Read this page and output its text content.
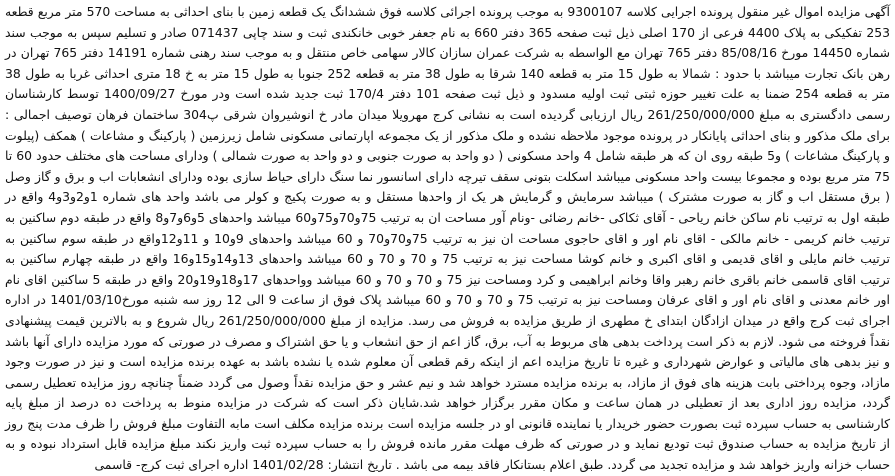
آگهی مزایده اموال غیر منقول پرونده اجرایی کلاسه 9300107 به موجب پرونده اجرائی کلاسه فوق ششدانگ یک قطعه زمین با بنای احداثی به مساحت 570 متر مربع قطعه 253 تفکیکی به پلاک 4400 فرعی از 170 اصلی ذیل ثبت صفحه 365 دفتر 660 به نام جعفر خوبی خانکندی ثبت و سند چاپی 071437 صادر و تسلیم سپس به موجب سند شماره 14450 مورخ 85/08/16 دفتر 765 تهران مع الواسطه به شرکت عمران سازان کالار سهامی خاص منتقل و به موجب سند رهنی شماره 14191 دفتر 765 تهران در رهن بانک تجارت میباشد با حدود : شمالا به طول 15 متر به قطعه 140 شرقا به طول 38 متر به قطعه 252 جنوبا به طول 15 متر به خ 18 متری احداثی غربا به طول 38 متر به قطعه 254 ضمنا به علت تغییر حوزه ثبتی ثبت اولیه مسدود و ذیل ثبت صفحه 101 دفتر 170/4 ثبت جدید شده است ودر مورخ 1400/09/27 توسط کارشناسان رسمی دادگستری به مبلغ 261/250/000/000 ریال ارزیابی گردیده است به نشانی کرج مهرویلا میدان مادر خ انوشیروان شرقی پ304 ساختمان فرهان توصیف اجمالی : برای ملک مذکور و بنای احداثی پایانکار در پرونده موجود ملاحظه نشده و ملک مذکور از یک مجموعه اپارتمانی مسکونی شامل زیرزمین ( پارکینگ و مشاعات ) همکف (پیلوت و پارکینگ مشاعات ) و5 طبقه روی ان که هر طبقه شامل 4 واحد مسکونی ( دو واحد به صورت جنوبی و دو واحد به صورت شمالی ) ودارای مساحت های مختلف حدود 60 تا 75 متر مربع بوده و مجموعا بیست واحد مسکونی میباشد اسکلت بتونی سقف تیرچه دارای اسانسور نما سنگ دارای حیاط سازی بوده ودارای انشعابات اب و برق و گاز وصل ( برق مستقل اب و گاز به صورت مشترک ) میباشد سرمایش و گرمایش هر یک از واحدها مستقل و به صورت پکیج و کولر می باشد واحد های شماره 1و2و3و4 واقع در طبقه اول به ترتیب نام ساکن خانم ریاحی - آقای ثکاکی -خانم رضائی -ونام آور مساحت ان به ترتیب 75و70و75و60 میباشد واحدهای 5و6و7و8 واقع در طبقه دوم ساکنین به ترتیب خانم کریمی - خانم مالکی - اقای نام اور و اقای حاجوی مساحت ان نیز به ترتیب 75و70و70 و 60 میباشد واحدهای 9و10 و 11و12واقع در طبقه سوم ساکنین به ترتیب خانم مایلی و اقای قدیمی و اقای اکبری و خانم کوشا مساحت نیز به ترتیب 75 و 70 و 70 و 60 میباشد واحدهای 13و14و15و16 واقع در طبقه چهارم ساکنین به ترتیب اقای قاسمی خانم باقری خانم رهبر واقا وخانم ابراهیمی و کرد ومساحت نیز 75 و 70 و 70 و 60 میباشد وواحدهای 17و18و19و20 واقع در طبقه 5 ساکنین اقای نام اور خانم معدنی و اقای نام اور و اقای عرفان ومساحت نیز به ترتیب 75 و 70 و 70 و 60 میباشد پلاک فوق از ساعت 9 الی 12 روز سه شنبه مورخ1401/03/10 در اداره اجرای ثبت کرج واقع در میدان ازادگان ابتدای خ مطهری از طریق مزایده به فروش می رسد. مزایده از مبلغ 261/250/000/000 ریال شروع و به بالاترین قیمت پیشنهادی نقداً فروخته می شود. لازم به ذکر است پرداخت بدهی های مربوط به آب، برق، گاز اعم از حق انشعاب و یا حق اشتراک و مصرف در صورتی که مورد مزایده دارای آنها باشد و نیز بدهی های مالیاتی و عوارض شهرداری و غیره تا تاریخ مزایده اعم از اینکه رقم قطعی آن معلوم شده یا نشده باشد به عهده برنده مزایده است و نیز در صورت وجود مازاد، وجوه پرداختی بابت هزینه های فوق از مازاد، به برنده مزایده مسترد خواهد شد و نیم عشر و حق مزایده نقداً وصول می گردد ضمناً چنانچه روز مزایده تعطیل رسمی گردد، مزایده روز اداری بعد از تعطیلی در همان ساعت و مکان مقرر برگزار خواهد شد.شایان ذکر است که شرکت در مزایده منوط به پرداخت ده درصد از مبلغ پایه کارشناسی به حساب سپرده ثبت بصورت حضور خریدار یا نماینده قانونی او در جلسه مزایده است برنده مزایده مکلف است مابه التفاوت مبلغ فروش را ظرف مدت پنج روز از تاریخ مزایده به حساب صندوق ثبت تودیع نماید و در صورتی که ظرف مهلت مقرر مانده فروش را به حساب سپرده ثبت واریز نکند مبلغ مزایده قابل استرداد نبوده و به حساب خزانه واریز خواهد شد و مزایده تجدید می گردد. طبق اعلام بستانکار فاقد بیمه می باشد . تاریخ انتشار: 1401/02/28 اداره اجرای ثبت کرج- قاسمی
